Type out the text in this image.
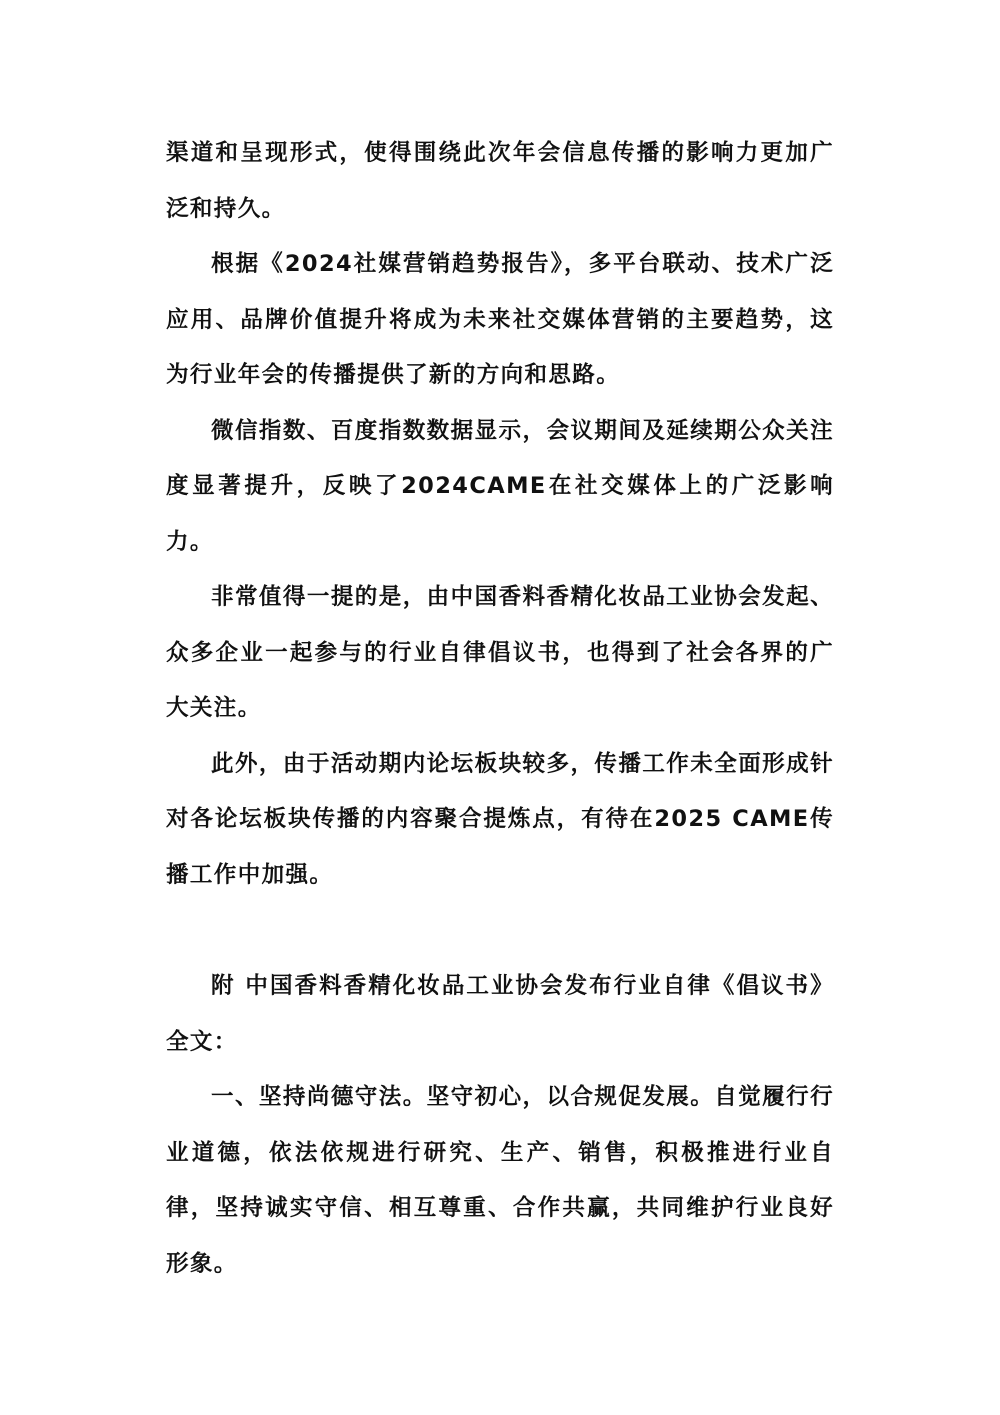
渠道和呈现形式，使得围绕此次年会信息传播的影响力更加广泛和持久。

根据《2024社媒营销趋势报告》，多平台联动、技术广泛应用、品牌价值提升将成为未来社交媒体营销的主要趋势，这为行业年会的传播提供了新的方向和思路。

微信指数、百度指数数据显示，会议期间及延续期公众关注度显著提升，反映了2024CAME在社交媒体上的广泛影响力。

非常值得一提的是，由中国香料香精化妆品工业协会发起、众多企业一起参与的行业自律倡议书，也得到了社会各界的广大关注。

此外，由于活动期内论坛板块较多，传播工作未全面形成针对各论坛板块传播的内容聚合提炼点，有待在2025 CAME传播工作中加强。

附 中国香料香精化妆品工业协会发布行业自律《倡议书》全文：

一、坚持尚德守法。坚守初心，以合规促发展。自觉履行行业道德，依法依规进行研究、生产、销售，积极推进行业自律，坚持诚实守信、相互尊重、合作共赢，共同维护行业良好形象。
